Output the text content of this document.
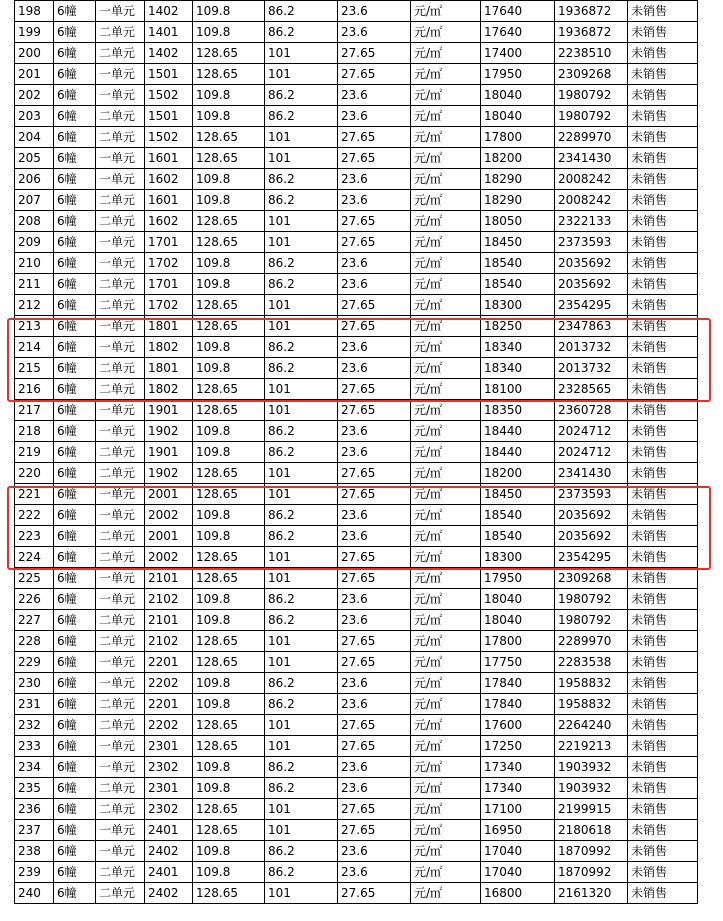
198	6幢	一单元	1402	109.8	86.2	23.6	元/㎡	17640	1936872	未销售
199	6幢	二单元	1401	109.8	86.2	23.6	元/㎡	17640	1936872	未销售
200	6幢	二单元	1402	128.65	101	27.65	元/㎡	17400	2238510	未销售
201	6幢	一单元	1501	128.65	101	27.65	元/㎡	17950	2309268	未销售
202	6幢	一单元	1502	109.8	86.2	23.6	元/㎡	18040	1980792	未销售
203	6幢	二单元	1501	109.8	86.2	23.6	元/㎡	18040	1980792	未销售
204	6幢	二单元	1502	128.65	101	27.65	元/㎡	17800	2289970	未销售
205	6幢	一单元	1601	128.65	101	27.65	元/㎡	18200	2341430	未销售
206	6幢	一单元	1602	109.8	86.2	23.6	元/㎡	18290	2008242	未销售
207	6幢	二单元	1601	109.8	86.2	23.6	元/㎡	18290	2008242	未销售
208	6幢	二单元	1602	128.65	101	27.65	元/㎡	18050	2322133	未销售
209	6幢	一单元	1701	128.65	101	27.65	元/㎡	18450	2373593	未销售
210	6幢	一单元	1702	109.8	86.2	23.6	元/㎡	18540	2035692	未销售
211	6幢	二单元	1701	109.8	86.2	23.6	元/㎡	18540	2035692	未销售
212	6幢	二单元	1702	128.65	101	27.65	元/㎡	18300	2354295	未销售
213	6幢	一单元	1801	128.65	101	27.65	元/㎡	18250	2347863	未销售
214	6幢	一单元	1802	109.8	86.2	23.6	元/㎡	18340	2013732	未销售
215	6幢	二单元	1801	109.8	86.2	23.6	元/㎡	18340	2013732	未销售
216	6幢	二单元	1802	128.65	101	27.65	元/㎡	18100	2328565	未销售
217	6幢	一单元	1901	128.65	101	27.65	元/㎡	18350	2360728	未销售
218	6幢	一单元	1902	109.8	86.2	23.6	元/㎡	18440	2024712	未销售
219	6幢	二单元	1901	109.8	86.2	23.6	元/㎡	18440	2024712	未销售
220	6幢	二单元	1902	128.65	101	27.65	元/㎡	18200	2341430	未销售
221	6幢	一单元	2001	128.65	101	27.65	元/㎡	18450	2373593	未销售
222	6幢	一单元	2002	109.8	86.2	23.6	元/㎡	18540	2035692	未销售
223	6幢	二单元	2001	109.8	86.2	23.6	元/㎡	18540	2035692	未销售
224	6幢	二单元	2002	128.65	101	27.65	元/㎡	18300	2354295	未销售
225	6幢	一单元	2101	128.65	101	27.65	元/㎡	17950	2309268	未销售
226	6幢	一单元	2102	109.8	86.2	23.6	元/㎡	18040	1980792	未销售
227	6幢	二单元	2101	109.8	86.2	23.6	元/㎡	18040	1980792	未销售
228	6幢	二单元	2102	128.65	101	27.65	元/㎡	17800	2289970	未销售
229	6幢	一单元	2201	128.65	101	27.65	元/㎡	17750	2283538	未销售
230	6幢	一单元	2202	109.8	86.2	23.6	元/㎡	17840	1958832	未销售
231	6幢	二单元	2201	109.8	86.2	23.6	元/㎡	17840	1958832	未销售
232	6幢	二单元	2202	128.65	101	27.65	元/㎡	17600	2264240	未销售
233	6幢	一单元	2301	128.65	101	27.65	元/㎡	17250	2219213	未销售
234	6幢	一单元	2302	109.8	86.2	23.6	元/㎡	17340	1903932	未销售
235	6幢	二单元	2301	109.8	86.2	23.6	元/㎡	17340	1903932	未销售
236	6幢	二单元	2302	128.65	101	27.65	元/㎡	17100	2199915	未销售
237	6幢	一单元	2401	128.65	101	27.65	元/㎡	16950	2180618	未销售
238	6幢	一单元	2402	109.8	86.2	23.6	元/㎡	17040	1870992	未销售
239	6幢	二单元	2401	109.8	86.2	23.6	元/㎡	17040	1870992	未销售
240	6幢	二单元	2402	128.65	101	27.65	元/㎡	16800	2161320	未销售
